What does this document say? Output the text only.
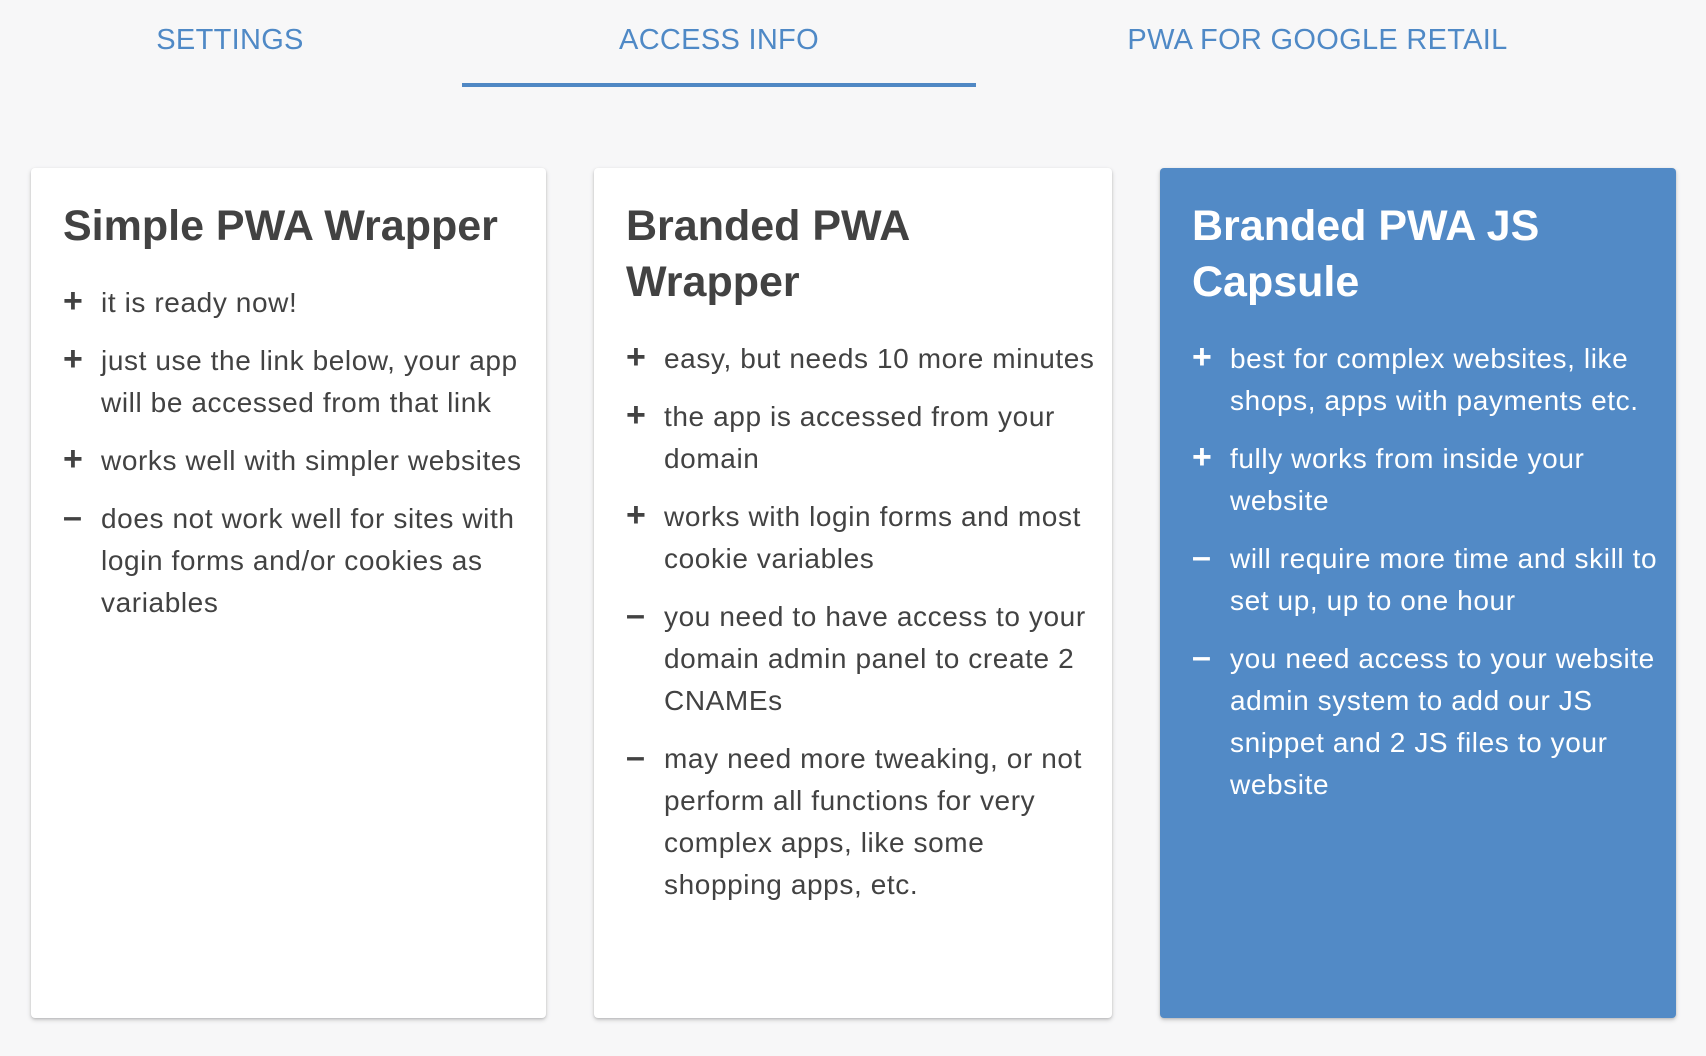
SETTINGS	ACCESS INFO	PWA FOR GOOGLE RETAIL
Simple PWA Wrapper
+ it is ready now!
+ just use the link below, your app will be accessed from that link
+ works well with simpler websites
– does not work well for sites with login forms and/or cookies as variables
Branded PWA Wrapper
+ easy, but needs 10 more minutes
+ the app is accessed from your domain
+ works with login forms and most cookie variables
– you need to have access to your domain admin panel to create 2 CNAMEs
– may need more tweaking, or not perform all functions for very complex apps, like some shopping apps, etc.
Branded PWA JS Capsule
+ best for complex websites, like shops, apps with payments etc.
+ fully works from inside your website
– will require more time and skill to set up, up to one hour
– you need access to your website admin system to add our JS snippet and 2 JS files to your website
